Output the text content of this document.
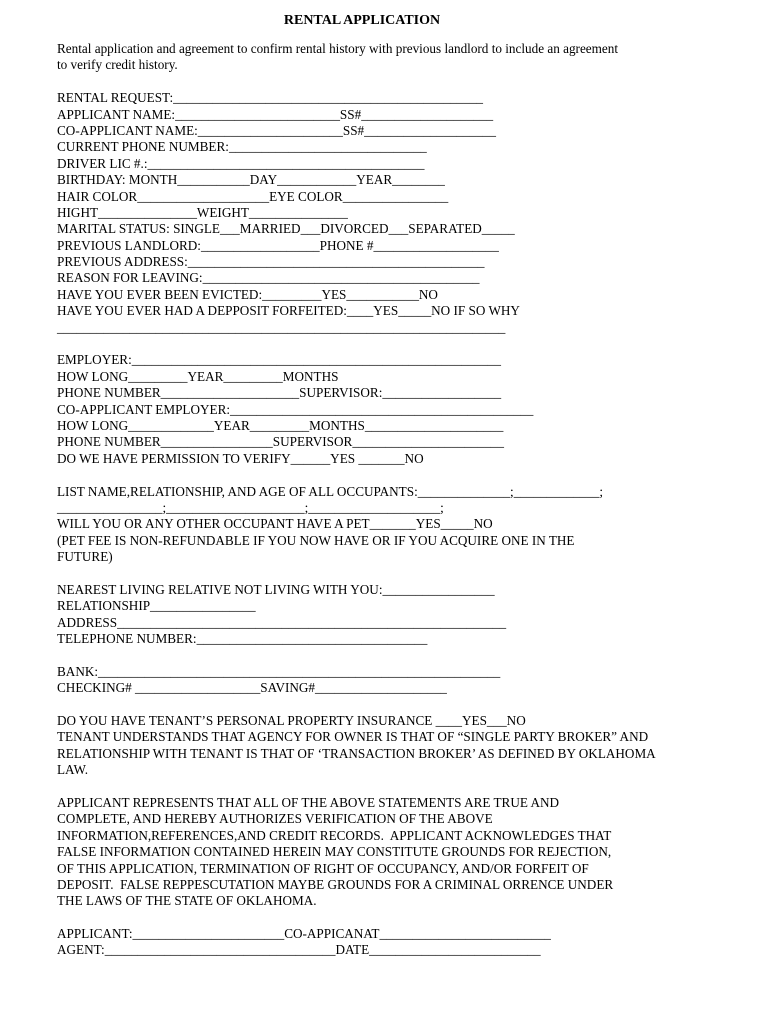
RENTAL APPLICATION
Rental application and agreement to confirm rental history with previous landlord to include an agreement
to verify credit history.
RENTAL REQUEST:_______________________________________________
APPLICANT NAME:_________________________SS#____________________
CO-APPLICANT NAME:______________________SS#____________________
CURRENT PHONE NUMBER:______________________________
DRIVER LIC #.:__________________________________________
BIRTHDAY: MONTH___________DAY____________YEAR________
HAIR COLOR____________________EYE COLOR________________
HIGHT_______________WEIGHT_______________
MARITAL STATUS: SINGLE___MARRIED___DIVORCED___SEPARATED_____
PREVIOUS LANDLORD:__________________PHONE #___________________
PREVIOUS ADDRESS:_____________________________________________
REASON FOR LEAVING:__________________________________________
HAVE YOU EVER BEEN EVICTED:_________YES___________NO
HAVE YOU EVER HAD A DEPPOSIT FORFEITED:____YES_____NO IF SO WHY
____________________________________________________________________
EMPLOYER:________________________________________________________
HOW LONG_________YEAR_________MONTHS
PHONE NUMBER_____________________SUPERVISOR:__________________
CO-APPLICANT EMPLOYER:______________________________________________
HOW LONG_____________YEAR_________MONTHS_____________________
PHONE NUMBER_________________SUPERVISOR_______________________
DO WE HAVE PERMISSION TO VERIFY______YES _______NO
LIST NAME,RELATIONSHIP, AND AGE OF ALL OCCUPANTS:______________;_____________;
________________;_____________________;____________________;
WILL YOU OR ANY OTHER OCCUPANT HAVE A PET_______YES_____NO
(PET FEE IS NON-REFUNDABLE IF YOU NOW HAVE OR IF YOU ACQUIRE ONE IN THE
FUTURE)
NEAREST LIVING RELATIVE NOT LIVING WITH YOU:_________________
RELATIONSHIP________________
ADDRESS___________________________________________________________
TELEPHONE NUMBER:___________________________________
BANK:_____________________________________________________________
CHECKING# ___________________SAVING#____________________
DO YOU HAVE TENANT’S PERSONAL PROPERTY INSURANCE ____YES___NO
TENANT UNDERSTANDS THAT AGENCY FOR OWNER IS THAT OF “SINGLE PARTY BROKER” AND
RELATIONSHIP WITH TENANT IS THAT OF ‘TRANSACTION BROKER’ AS DEFINED BY OKLAHOMA
LAW.
APPLICANT REPRESENTS THAT ALL OF THE ABOVE STATEMENTS ARE TRUE AND
COMPLETE, AND HEREBY AUTHORIZES VERIFICATION OF THE ABOVE
INFORMATION,REFERENCES,AND CREDIT RECORDS.  APPLICANT ACKNOWLEDGES THAT
FALSE INFORMATION CONTAINED HEREIN MAY CONSTITUTE GROUNDS FOR REJECTION,
OF THIS APPLICATION, TERMINATION OF RIGHT OF OCCUPANCY, AND/OR FORFEIT OF
DEPOSIT.  FALSE REPPESCUTATION MAYBE GROUNDS FOR A CRIMINAL ORRENCE UNDER
THE LAWS OF THE STATE OF OKLAHOMA.
APPLICANT:_______________________CO-APPICANAT__________________________
AGENT:___________________________________DATE__________________________
